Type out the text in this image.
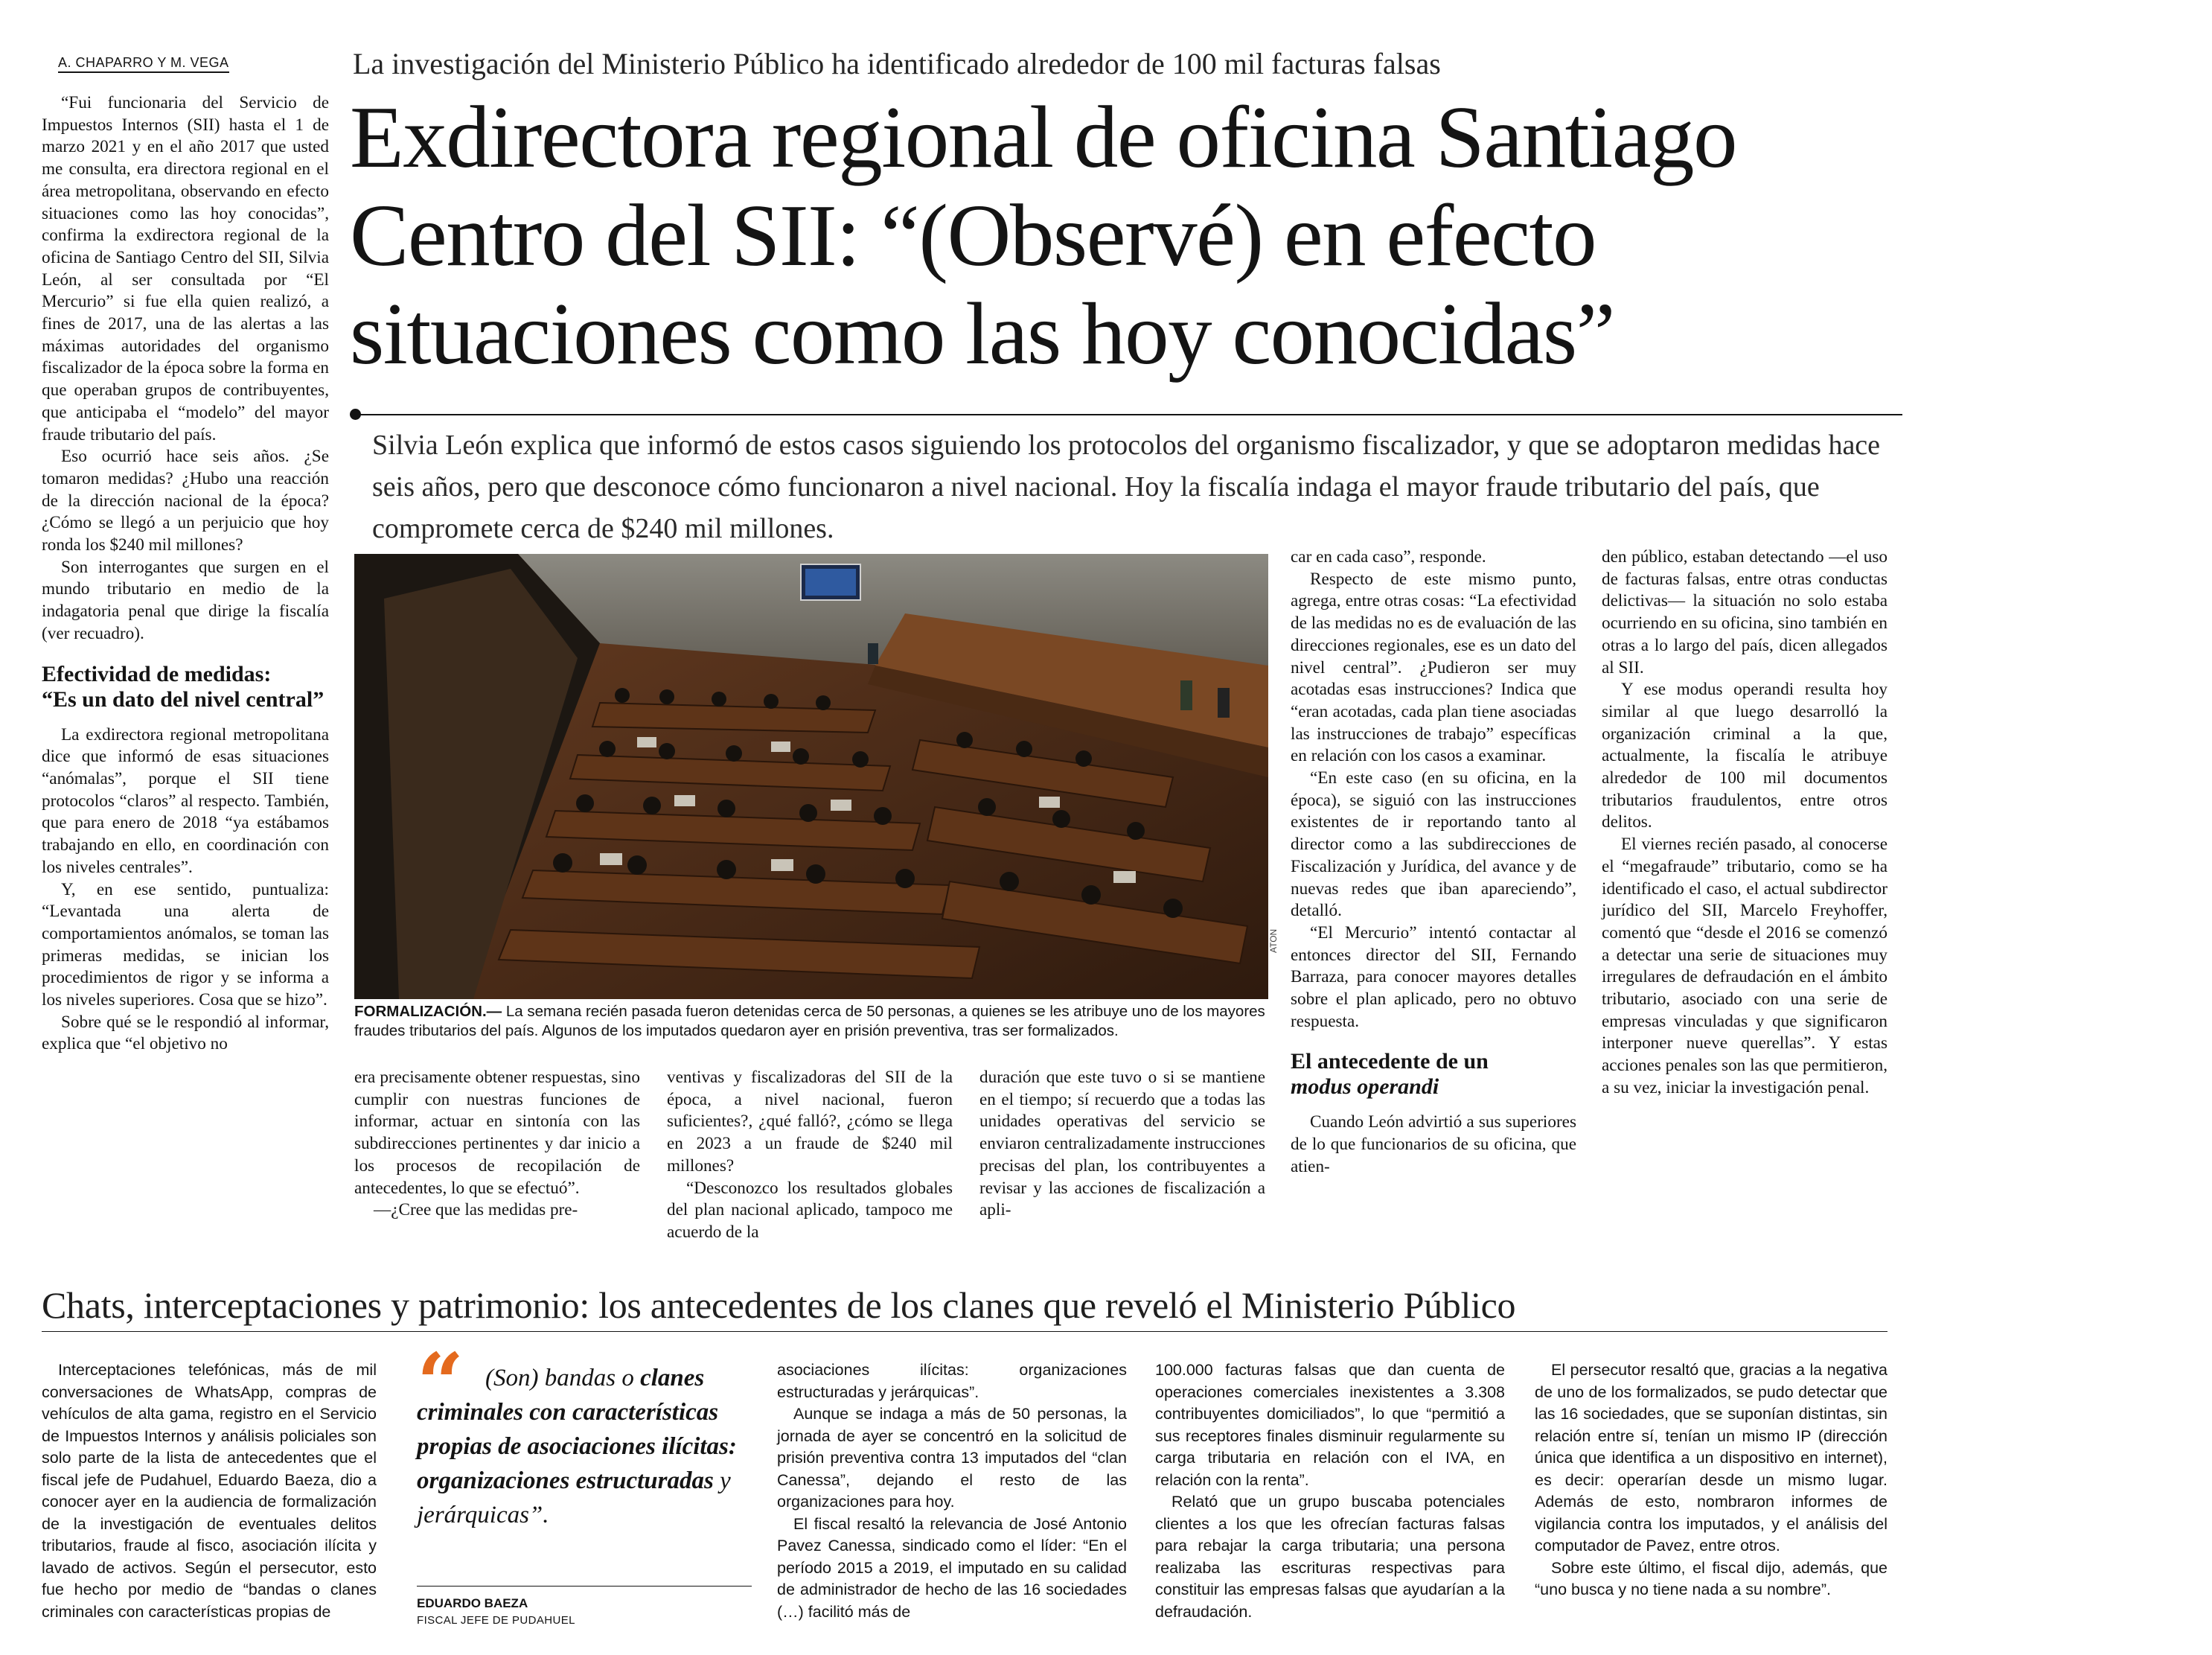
A. CHAPARRO Y M. VEGA	La investigación del Ministerio Público ha identificado alrededor de 100 mil facturas falsas
Exdirectora regional de oficina Santiago Centro del SII: “(Observé) en efecto situaciones como las hoy conocidas”
Silvia León explica que informó de estos casos siguiendo los protocolos del organismo fiscalizador, y que se adoptaron medidas hace seis años, pero que desconoce cómo funcionaron a nivel nacional. Hoy la fiscalía indaga el mayor fraude tributario del país, que compromete cerca de $240 mil millones.

“Fui funcionaria del Servicio de Impuestos Internos (SII) hasta el 1 de marzo 2021 y en el año 2017 que usted me consulta, era directora regional en el área metropolitana, observando en efecto situaciones como las hoy conocidas”, confirma la exdirectora regional de la oficina de Santiago Centro del SII, Silvia León, al ser consultada por “El Mercurio” si fue ella quien realizó, a fines de 2017, una de las alertas a las máximas autoridades del organismo fiscalizador de la época sobre la forma en que operaban grupos de contribuyentes, que anticipaba el “modelo” del mayor fraude tributario del país.

Eso ocurrió hace seis años. ¿Se tomaron medidas? ¿Hubo una reacción de la dirección nacional de la época? ¿Cómo se llegó a un perjuicio que hoy ronda los $240 mil millones?

Son interrogantes que surgen en el mundo tributario en medio de la indagatoria penal que dirige la fiscalía (ver recuadro).

Efectividad de medidas:
“Es un dato del nivel central”

La exdirectora regional metropolitana dice que informó de esas situaciones “anómalas”, porque el SII tiene protocolos “claros” al respecto. También, que para enero de 2018 “ya estábamos trabajando en ello, en coordinación con los niveles centrales”.

Y, en ese sentido, puntualiza: “Levantada una alerta de comportamientos anómalos, se toman las primeras medidas, se inician los procedimientos de rigor y se informa a los niveles superiores. Cosa que se hizo”.

Sobre qué se le respondió al informar, explica que “el objetivo no

ATON
FORMALIZACIÓN.— La semana recién pasada fueron detenidas cerca de 50 personas, a quienes se les atribuye uno de los mayores fraudes tributarios del país. Algunos de los imputados quedaron ayer en prisión preventiva, tras ser formalizados.

era precisamente obtener respuestas, sino cumplir con nuestras funciones de informar, actuar en sintonía con las subdirecciones pertinentes y dar inicio a los procesos de recopilación de antecedentes, lo que se efectuó”.

—¿Cree que las medidas pre-

ventivas y fiscalizadoras del SII de la época, a nivel nacional, fueron suficientes?, ¿qué falló?, ¿cómo se llega en 2023 a un fraude de $240 mil millones?

“Desconozco los resultados globales del plan nacional aplicado, tampoco me acuerdo de la

duración que este tuvo o si se mantiene en el tiempo; sí recuerdo que a todas las unidades operativas del servicio se enviaron centralizadamente instrucciones precisas del plan, los contribuyentes a revisar y las acciones de fiscalización a apli-

car en cada caso”, responde.

Respecto de este mismo punto, agrega, entre otras cosas: “La efectividad de las medidas no es de evaluación de las direcciones regionales, ese es un dato del nivel central”. ¿Pudieron ser muy acotadas esas instrucciones? Indica que “eran acotadas, cada plan tiene asociadas las instrucciones de trabajo” específicas en relación con los casos a examinar.

“En este caso (en su oficina, en la época), se siguió con las instrucciones existentes de ir reportando tanto al director como a las subdirecciones de Fiscalización y Jurídica, del avance y de nuevas redes que iban apareciendo”, detalló.

“El Mercurio” intentó contactar al entonces director del SII, Fernando Barraza, para conocer mayores detalles sobre el plan aplicado, pero no obtuvo respuesta.

El antecedente de un
modus operandi

Cuando León advirtió a sus superiores de lo que funcionarios de su oficina, que atien-

den público, estaban detectando —el uso de facturas falsas, entre otras conductas delictivas— la situación no solo estaba ocurriendo en su oficina, sino también en otras a lo largo del país, dicen allegados al SII.

Y ese modus operandi resulta hoy similar al que luego desarrolló la organización criminal a la que, actualmente, la fiscalía le atribuye alrededor de 100 mil documentos tributarios fraudulentos, entre otros delitos.

El viernes recién pasado, al conocerse el “megafraude” tributario, como se ha identificado el caso, el actual subdirector jurídico del SII, Marcelo Freyhoffer, comentó que “desde el 2016 se comenzó a detectar una serie de situaciones muy irregulares de defraudación en el ámbito tributario, asociado con una serie de empresas vinculadas y que significaron interponer nueve querellas”. Y estas acciones penales son las que permitieron, a su vez, iniciar la investigación penal.

Chats, interceptaciones y patrimonio: los antecedentes de los clanes que reveló el Ministerio Público

Interceptaciones telefónicas, más de mil conversaciones de WhatsApp, compras de vehículos de alta gama, registro en el Servicio de Impuestos Internos y análisis policiales son solo parte de la lista de antecedentes que el fiscal jefe de Pudahuel, Eduardo Baeza, dio a conocer ayer en la audiencia de formalización de la investigación de eventuales delitos tributarios, fraude al fisco, asociación ilícita y lavado de activos. Según el persecutor, esto fue hecho por medio de “bandas o clanes criminales con características propias de

“ (Son) bandas o clanes criminales con características propias de asociaciones ilícitas: organizaciones estructuradas y jerárquicas”.
EDUARDO BAEZA
FISCAL JEFE DE PUDAHUEL

asociaciones ilícitas: organizaciones estructuradas y jerárquicas”.

Aunque se indaga a más de 50 personas, la jornada de ayer se concentró en la solicitud de prisión preventiva contra 13 imputados del “clan Canessa”, dejando el resto de las organizaciones para hoy.

El fiscal resaltó la relevancia de José Antonio Pavez Canessa, sindicado como el líder: “En el período 2015 a 2019, el imputado en su calidad de administrador de hecho de las 16 sociedades (…) facilitó más de

100.000 facturas falsas que dan cuenta de operaciones comerciales inexistentes a 3.308 contribuyentes domiciliados”, lo que “permitió a sus receptores finales disminuir regularmente su carga tributaria en relación con el IVA, en relación con la renta”.

Relató que un grupo buscaba potenciales clientes a los que les ofrecían facturas falsas para rebajar la carga tributaria; una persona realizaba las escrituras respectivas para constituir las empresas falsas que ayudarían a la defraudación.

El persecutor resaltó que, gracias a la negativa de uno de los formalizados, se pudo detectar que las 16 sociedades, que se suponían distintas, sin relación entre sí, tenían un mismo IP (dirección única que identifica a un dispositivo en internet), es decir: operarían desde un mismo lugar. Además de esto, nombraron informes de vigilancia contra los imputados, y el análisis del computador de Pavez, entre otros.

Sobre este último, el fiscal dijo, además, que “uno busca y no tiene nada a su nombre”.
